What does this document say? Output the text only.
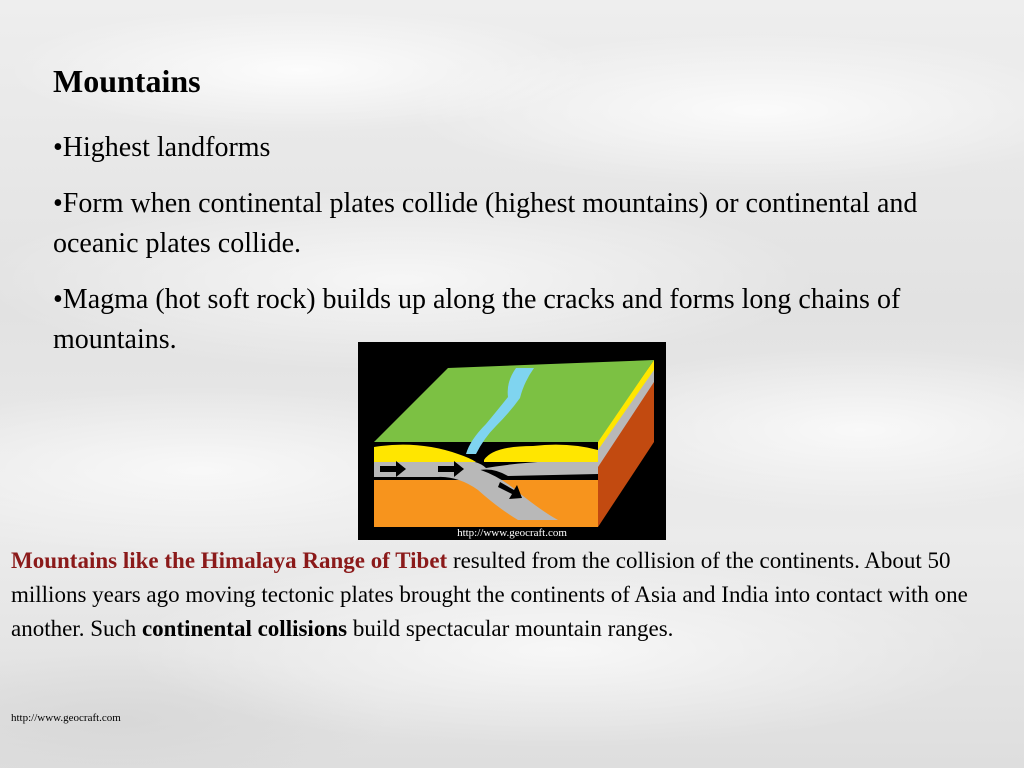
Mountains
•Highest landforms
•Form when continental plates collide (highest mountains) or continental and oceanic plates collide.
•Magma (hot soft rock) builds up along the cracks and forms long chains of mountains.
http://www.geocraft.com

Mountains like the Himalaya Range of Tibet resulted from the collision of the continents. About 50 millions years ago moving tectonic plates brought the continents of Asia and India into contact with one another. Such continental collisions build spectacular mountain ranges.

http://www.geocraft.com
